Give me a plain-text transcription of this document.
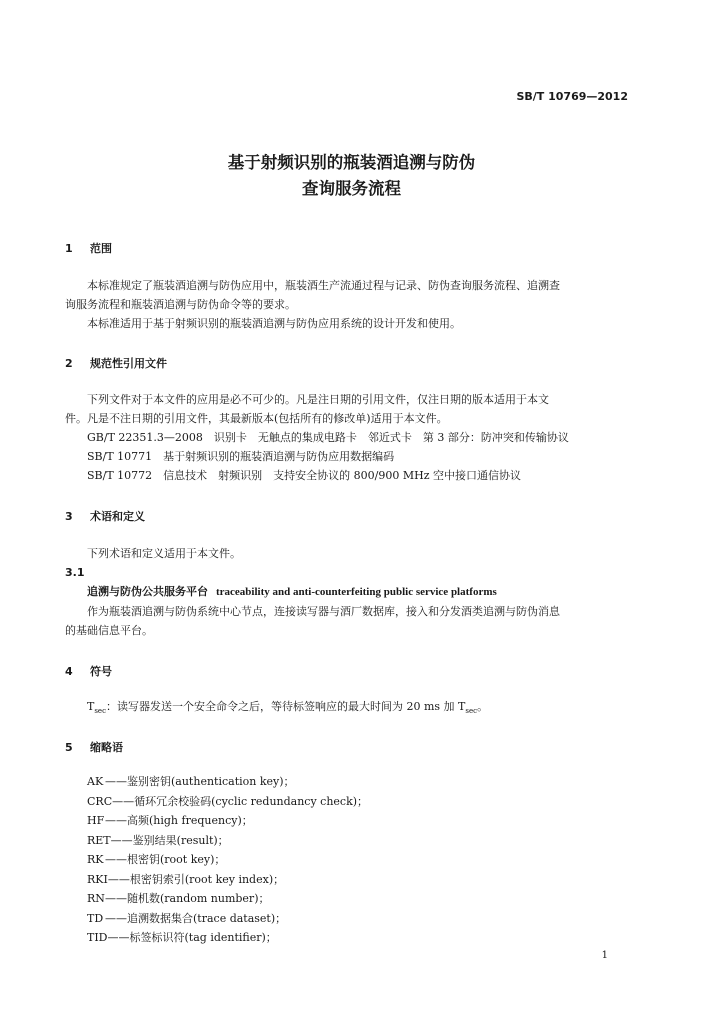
SB/T 10769—2012
基于射频识别的瓶装酒追溯与防伪
查询服务流程
1 范围
本标准规定了瓶装酒追溯与防伪应用中，瓶装酒生产流通过程与记录、防伪查询服务流程、追溯查
询服务流程和瓶装酒追溯与防伪命令等的要求。
本标准适用于基于射频识别的瓶装酒追溯与防伪应用系统的设计开发和使用。
2 规范性引用文件
下列文件对于本文件的应用是必不可少的。凡是注日期的引用文件，仅注日期的版本适用于本文
件。凡是不注日期的引用文件，其最新版本(包括所有的修改单)适用于本文件。
GB/T 22351.3—2008　识别卡　无触点的集成电路卡　邻近式卡　第 3 部分：防冲突和传输协议
SB/T 10771　基于射频识别的瓶装酒追溯与防伪应用数据编码
SB/T 10772　信息技术　射频识别　支持安全协议的 800/900 MHz 空中接口通信协议
3 术语和定义
下列术语和定义适用于本文件。
3.1
追溯与防伪公共服务平台 traceability and anti-counterfeiting public service platforms
作为瓶装酒追溯与防伪系统中心节点，连接读写器与酒厂数据库，接入和分发酒类追溯与防伪消息
的基础信息平台。
4 符号
$T_{sec}$：读写器发送一个安全命令之后，等待标签响应的最大时间为 20 ms 加 $T_{sec}$。
5 缩略语
AK ——鉴别密钥(authentication key)；
CRC——循环冗余校验码(cyclic redundancy check)；
HF——高频(high frequency)；
RET——鉴别结果(result)；
RK ——根密钥(root key)；
RKI——根密钥索引(root key index)；
RN——随机数(random number)；
TD ——追溯数据集合(trace dataset)；
TID——标签标识符(tag identifier)；
1
